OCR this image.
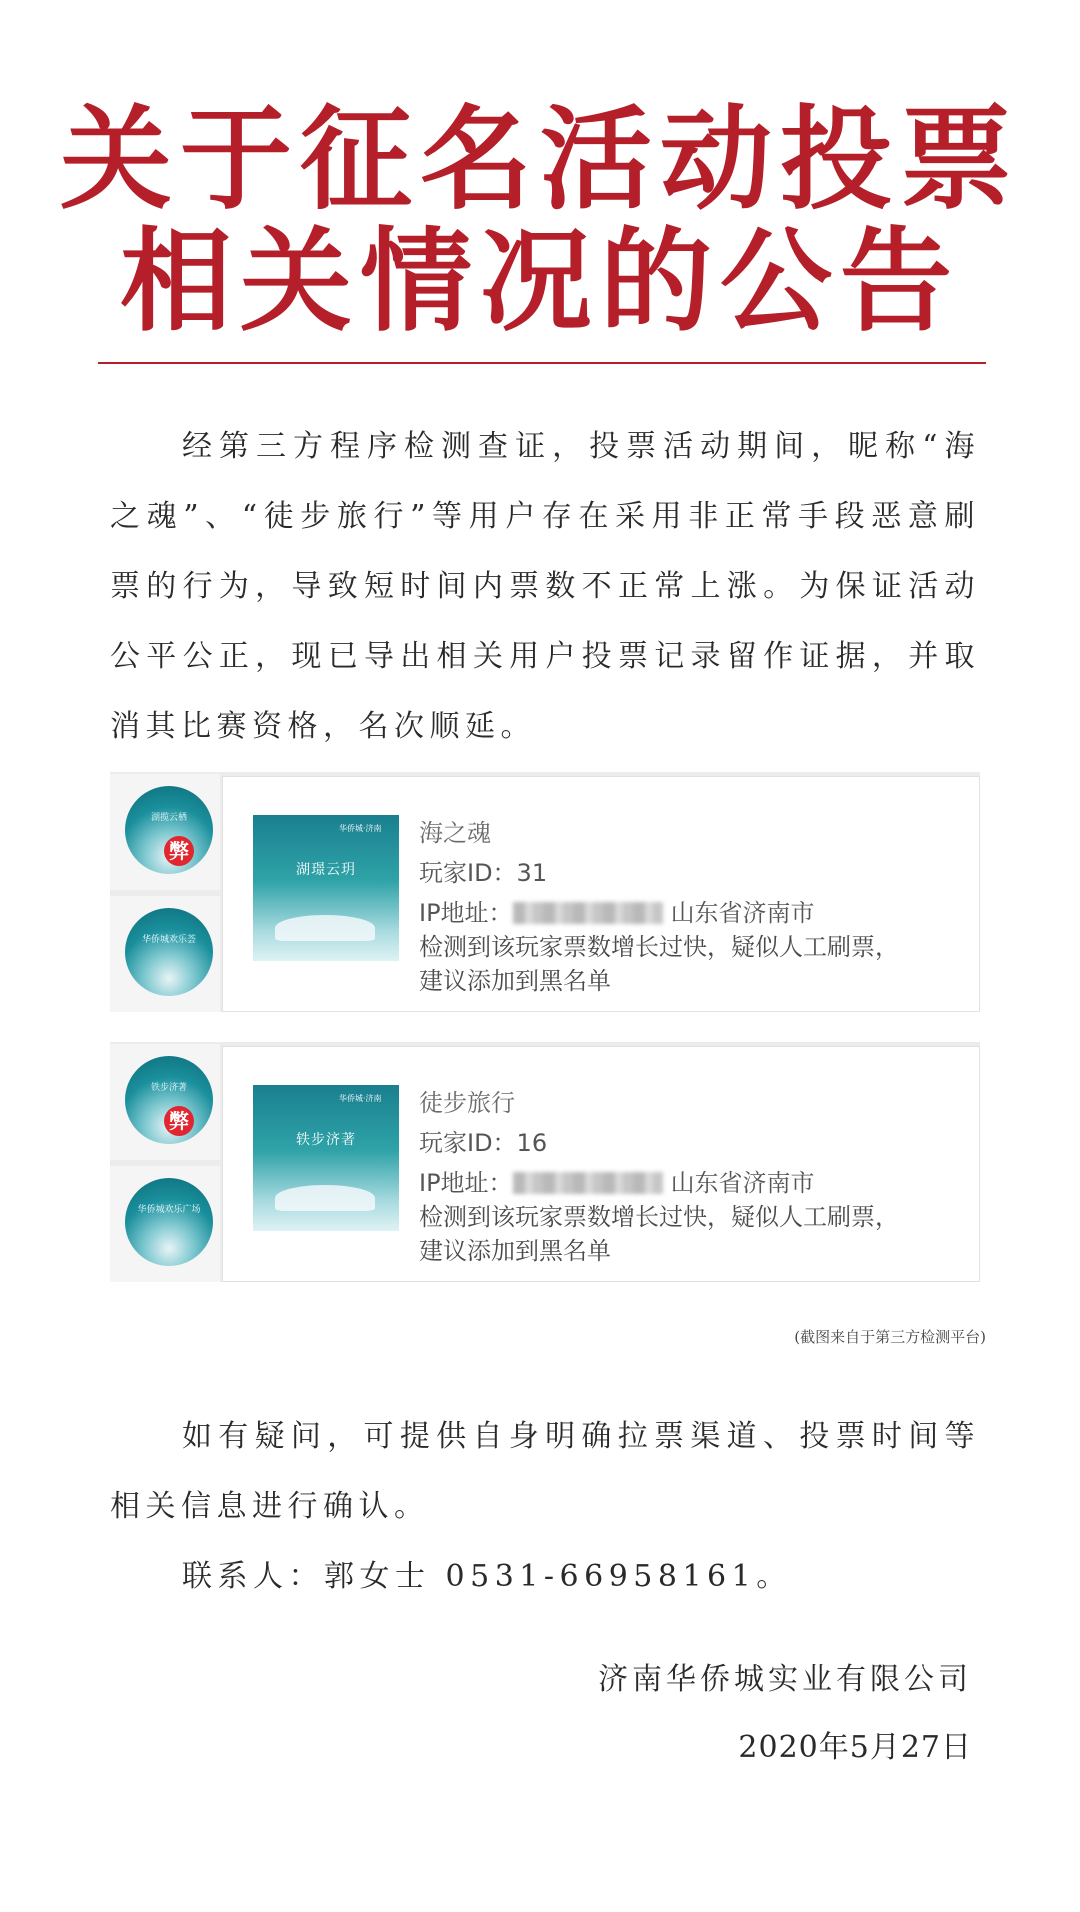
关于征名活动投票
相关情况的公告

经第三方程序检测查证，投票活动期间，昵称“海之魂”、“徒步旅行”等用户存在采用非正常手段恶意刷票的行为，导致短时间内票数不正常上涨。为保证活动公平公正，现已导出相关用户投票记录留作证据，并取消其比赛资格，名次顺延。

湖揽云栖
弊
华侨城欢乐荟
华侨城·济南
湖璟云玥

海之魂

玩家ID：31

IP地址：	山东省济南市

检测到该玩家票数增长过快，疑似人工刷票，

建议添加到黑名单

铁步济著
弊
华侨城欢乐广场
华侨城·济南
轶步济著

徒步旅行

玩家ID：16

IP地址：	山东省济南市

检测到该玩家票数增长过快，疑似人工刷票，

建议添加到黑名单

(截图来自于第三方检测平台)

如有疑问，可提供自身明确拉票渠道、投票时间等相关信息进行确认。

联系人：郭女士 0531-66958161。

济南华侨城实业有限公司
2020年5月27日
